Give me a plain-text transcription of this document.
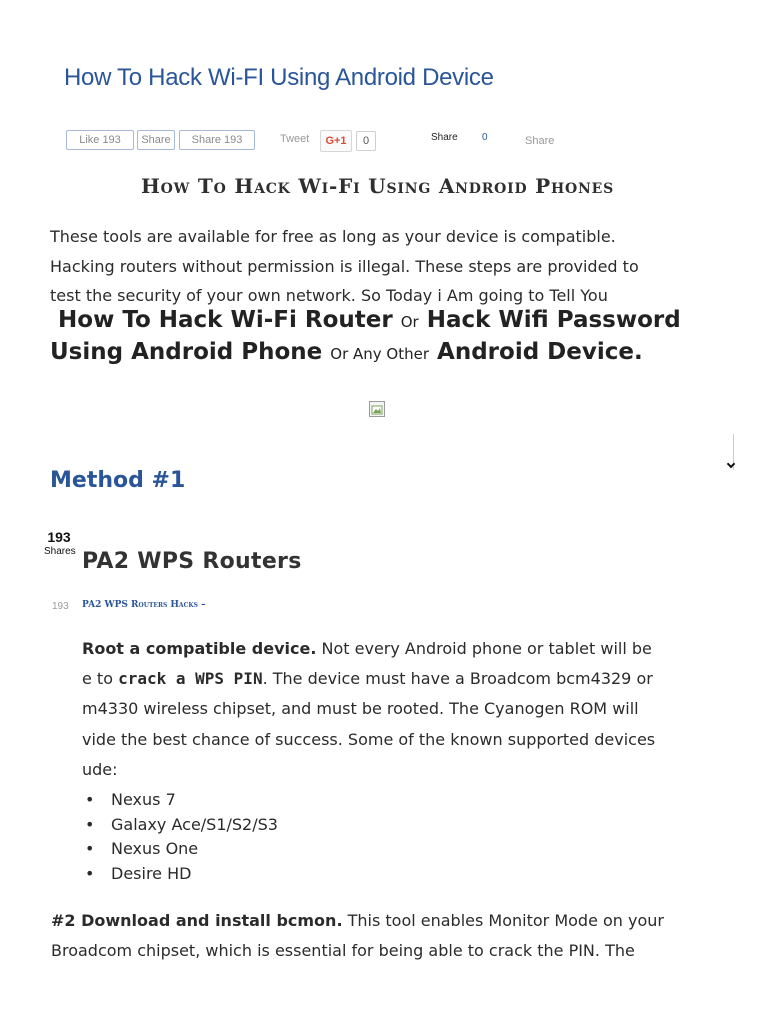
How To Hack Wi-FI Using Android Device
Like 193	Share	Share 193	Tweet	G+1	0	Share 0	Share
How To Hack Wi-Fi Using Android Phones

These tools are available for free as long as your device is compatible.

Hacking routers without permission is illegal. These steps are provided to

test the security of your own network. So Today i Am going to Tell You

How To Hack Wi-Fi Router Or Hack Wifi Password
Using Android Phone Or Any Other Android Device.
Method #1
193
Shares PA2 WPS Routers
193 PA2 WPS Routers Hacks –

Root a compatible device. Not every Android phone or tablet will be

e to crack a WPS PIN. The device must have a Broadcom bcm4329 or

m4330 wireless chipset, and must be rooted. The Cyanogen ROM will

vide the best chance of success. Some of the known supported devices

ude:

• Nexus 7
• Galaxy Ace/S1/S2/S3
• Nexus One
• Desire HD

#2 Download and install bcmon. This tool enables Monitor Mode on your

Broadcom chipset, which is essential for being able to crack the PIN. The
